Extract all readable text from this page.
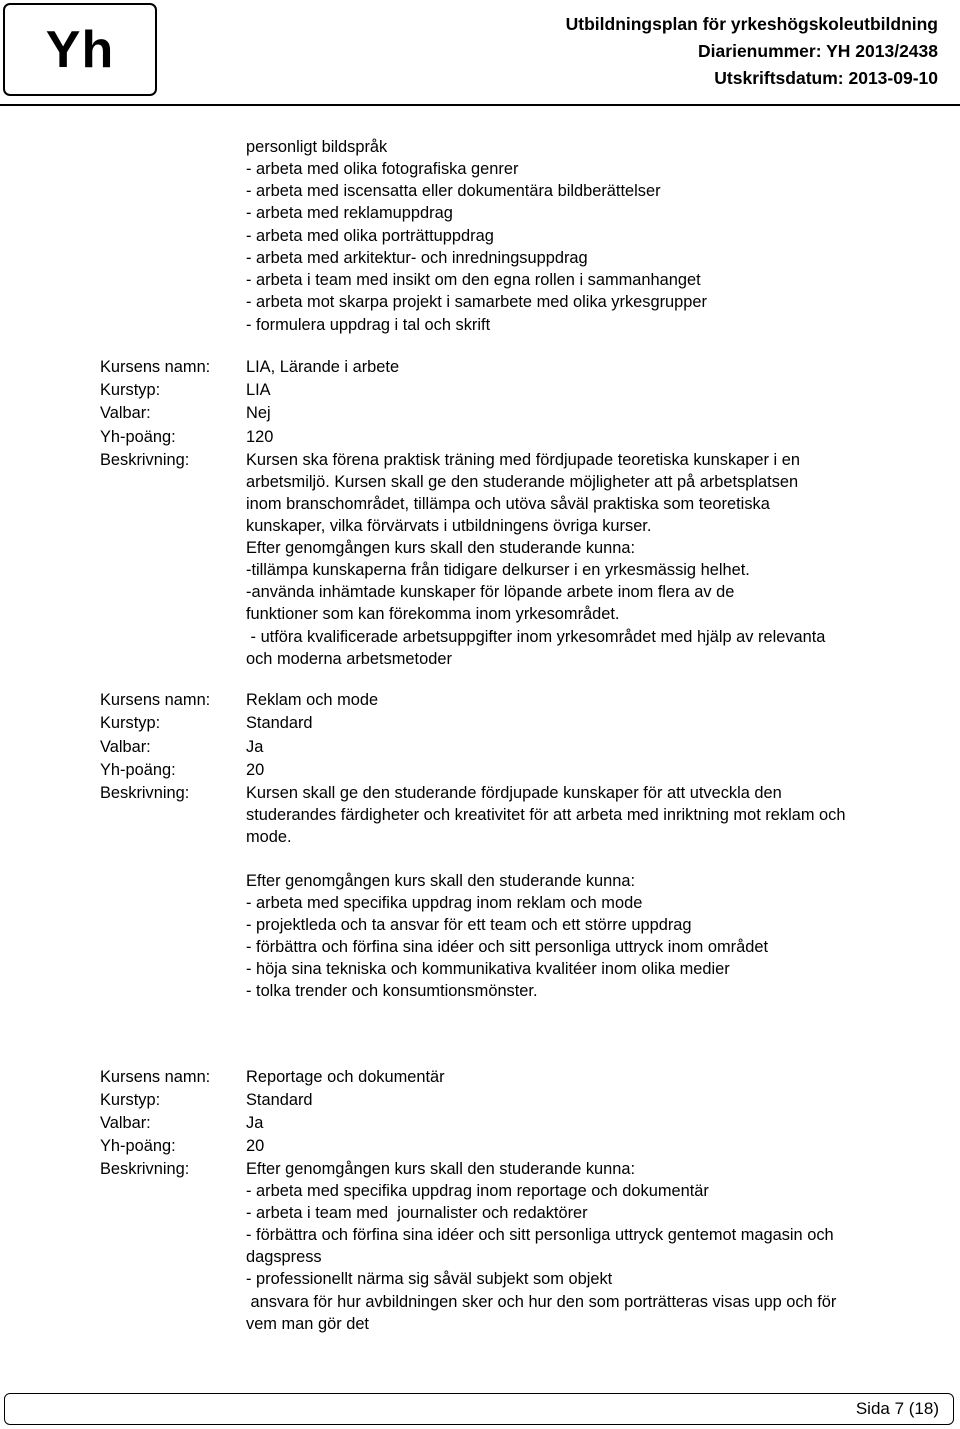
Yh	Utbildningsplan för yrkeshögskoleutbildning
Diarienummer: YH 2013/2438
Utskriftsdatum: 2013-09-10
personligt bildspråk
- arbeta med olika fotografiska genrer
- arbeta med iscensatta eller dokumentära bildberättelser
- arbeta med reklamuppdrag
- arbeta med olika porträttuppdrag
- arbeta med arkitektur- och inredningsuppdrag
- arbeta i team med insikt om den egna rollen i sammanhanget
- arbeta mot skarpa projekt i samarbete med olika yrkesgrupper
- formulera uppdrag i tal och skrift
Kursens namn: LIA, Lärande i arbete
Kurstyp:	LIA
Valbar:	Nej
Yh-poäng:	120
Beskrivning:	Kursen ska förena praktisk träning med fördjupade teoretiska kunskaper i en
arbetsmiljö. Kursen skall ge den studerande möjligheter att på arbetsplatsen
inom branschområdet, tillämpa och utöva såväl praktiska som teoretiska
kunskaper, vilka förvärvats i utbildningens övriga kurser.
Efter genomgången kurs skall den studerande kunna:
-tillämpa kunskaperna från tidigare delkurser i en yrkesmässig helhet.
-använda inhämtade kunskaper för löpande arbete inom flera av de
funktioner som kan förekomma inom yrkesområdet.
- utföra kvalificerade arbetsuppgifter inom yrkesområdet med hjälp av relevanta
och moderna arbetsmetoder
Kursens namn: Reklam och mode
Kurstyp:	Standard
Valbar:	Ja
Yh-poäng:	20
Beskrivning:	Kursen skall ge den studerande fördjupade kunskaper för att utveckla den
studerandes färdigheter och kreativitet för att arbeta med inriktning mot reklam och
mode.
Efter genomgången kurs skall den studerande kunna:
- arbeta med specifika uppdrag inom reklam och mode
- projektleda och ta ansvar för ett team och ett större uppdrag
- förbättra och förfina sina idéer och sitt personliga uttryck inom området
- höja sina tekniska och kommunikativa kvalitéer inom olika medier
- tolka trender och konsumtionsmönster.
Kursens namn: Reportage och dokumentär
Kurstyp:	Standard
Valbar:	Ja
Yh-poäng:	20
Beskrivning:	Efter genomgången kurs skall den studerande kunna:
- arbeta med specifika uppdrag inom reportage och dokumentär
- arbeta i team med  journalister och redaktörer
- förbättra och förfina sina idéer och sitt personliga uttryck gentemot magasin och
dagspress
- professionellt närma sig såväl subjekt som objekt
ansvara för hur avbildningen sker och hur den som porträtteras visas upp och för
vem man gör det
Sida 7 (18)
